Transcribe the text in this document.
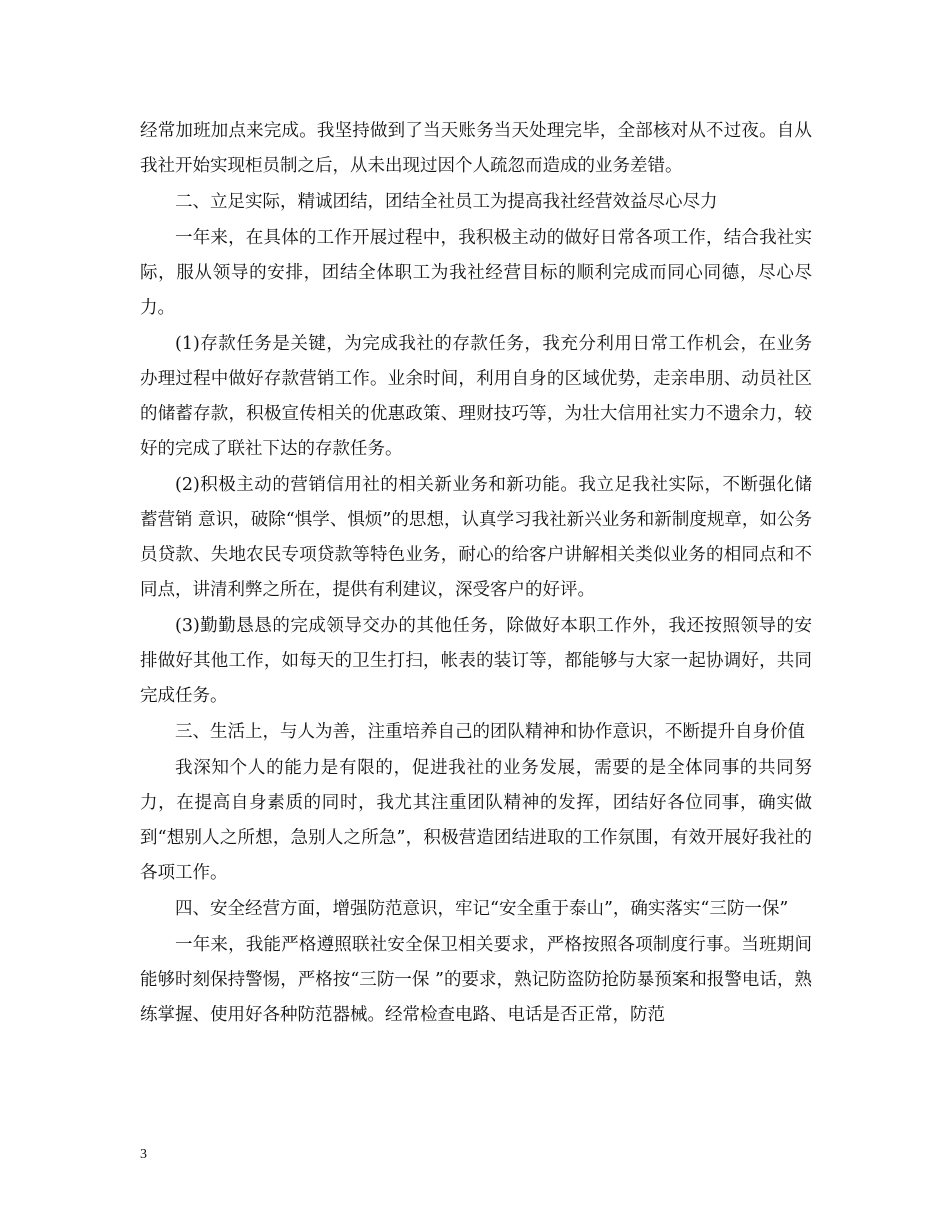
经常加班加点来完成。我坚持做到了当天账务当天处理完毕，全部核对从不过夜。自从我社开始实现柜员制之后，从未出现过因个人疏忽而造成的业务差错。

二、立足实际，精诚团结，团结全社员工为提高我社经营效益尽心尽力

一年来，在具体的工作开展过程中，我积极主动的做好日常各项工作，结合我社实际，服从领导的安排，团结全体职工为我社经营目标的顺利完成而同心同德，尽心尽力。

(1)存款任务是关键，为完成我社的存款任务，我充分利用日常工作机会，在业务办理过程中做好存款营销工作。业余时间，利用自身的区域优势，走亲串朋、动员社区的储蓄存款，积极宣传相关的优惠政策、理财技巧等，为壮大信用社实力不遗余力，较好的完成了联社下达的存款任务。

(2)积极主动的营销信用社的相关新业务和新功能。我立足我社实际，不断强化储蓄营销 意识，破除“惧学、惧烦”的思想，认真学习我社新兴业务和新制度规章，如公务员贷款、失地农民专项贷款等特色业务，耐心的给客户讲解相关类似业务的相同点和不同点，讲清利弊之所在，提供有利建议，深受客户的好评。

(3)勤勤恳恳的完成领导交办的其他任务，除做好本职工作外，我还按照领导的安排做好其他工作，如每天的卫生打扫，帐表的装订等，都能够与大家一起协调好，共同完成任务。

三、生活上，与人为善，注重培养自己的团队精神和协作意识，不断提升自身价值

我深知个人的能力是有限的，促进我社的业务发展，需要的是全体同事的共同努力，在提高自身素质的同时，我尤其注重团队精神的发挥，团结好各位同事，确实做到“想别人之所想，急别人之所急”，积极营造团结进取的工作氛围，有效开展好我社的各项工作。

四、安全经营方面，增强防范意识，牢记“安全重于泰山”，确实落实“三防一保”

一年来，我能严格遵照联社安全保卫相关要求，严格按照各项制度行事。当班期间能够时刻保持警惕，严格按“三防一保 ”的要求，熟记防盗防抢防暴预案和报警电话，熟练掌握、使用好各种防范器械。经常检查电路、电话是否正常，防范

3
